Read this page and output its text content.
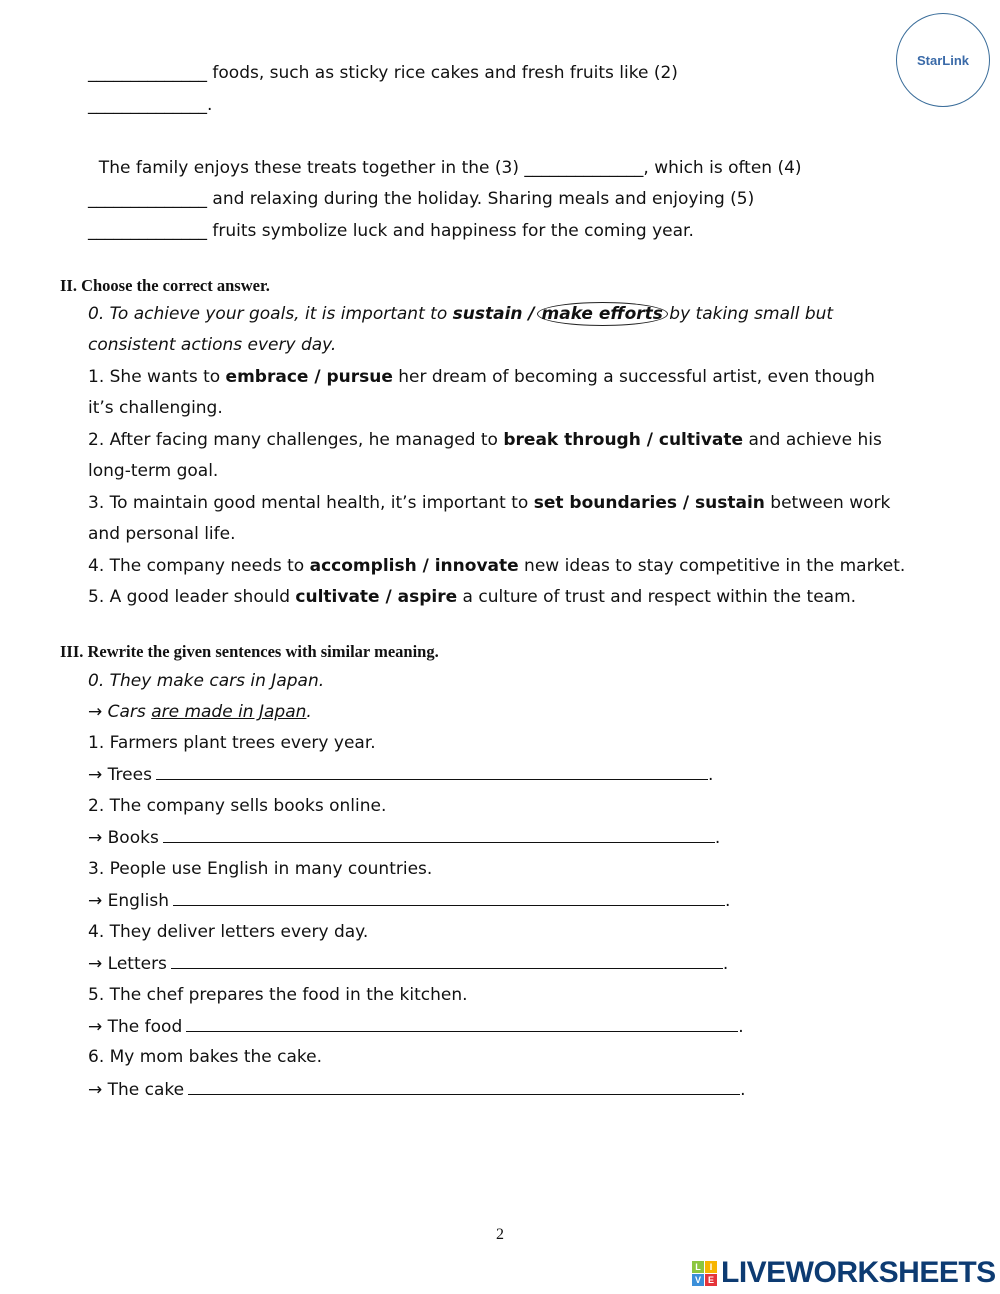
StarLink
______________ foods, such as sticky rice cakes and fresh fruits like (2)
______________.
The family enjoys these treats together in the (3) ______________, which is often (4)
______________ and relaxing during the holiday. Sharing meals and enjoying (5)
______________ fruits symbolize luck and happiness for the coming year.
II. Choose the correct answer.
0. To achieve your goals, it is important to sustain / make efforts by taking small but
consistent actions every day.
1. She wants to embrace / pursue her dream of becoming a successful artist, even though
it’s challenging.
2. After facing many challenges, he managed to break through / cultivate and achieve his
long-term goal.
3. To maintain good mental health, it’s important to set boundaries / sustain between work
and personal life.
4. The company needs to accomplish / innovate new ideas to stay competitive in the market.
5. A good leader should cultivate / aspire a culture of trust and respect within the team.
III. Rewrite the given sentences with similar meaning.
0. They make cars in Japan.
→ Cars are made in Japan.
1. Farmers plant trees every year.
→ Trees	.
2. The company sells books online.
→ Books	.
3. People use English in many countries.
→ English	.
4. They deliver letters every day.
→ Letters	.
5. The chef prepares the food in the kitchen.
→ The food	.
6. My mom bakes the cake.
→ The cake	.
2
L I
V E LIVEWORKSHEETS
